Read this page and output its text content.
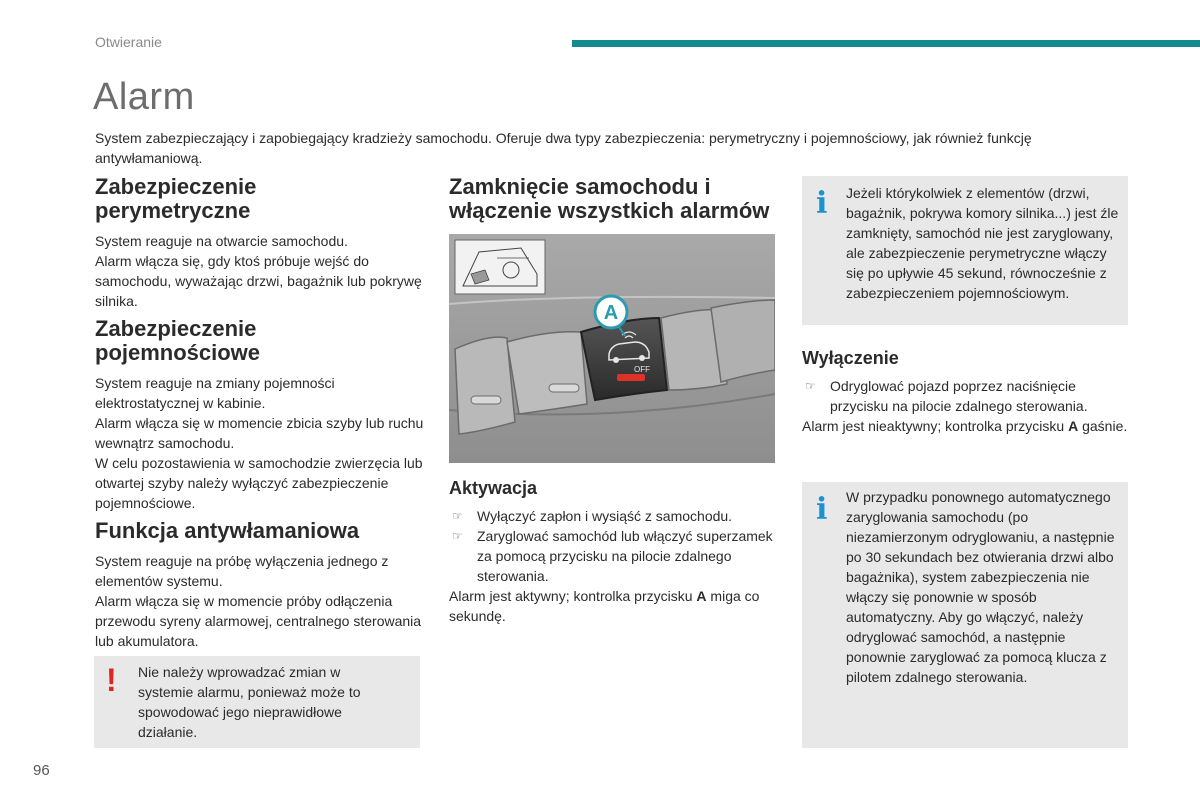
Otwieranie
Alarm
System zabezpieczający i zapobiegający kradzieży samochodu. Oferuje dwa typy zabezpieczenia: perymetryczny i pojemnościowy, jak również funkcję antywłamaniową.
Zabezpieczenie
perymetryczne

System reaguje na otwarcie samochodu.

Alarm włącza się, gdy ktoś próbuje wejść do samochodu, wyważając drzwi, bagażnik lub pokrywę silnika.

Zabezpieczenie
pojemnościowe

System reaguje na zmiany pojemności elektrostatycznej w kabinie.

Alarm włącza się w momencie zbicia szyby lub ruchu wewnątrz samochodu.

W celu pozostawienia w samochodzie zwierzęcia lub otwartej szyby należy wyłączyć zabezpieczenie pojemnościowe.

Funkcja antywłamaniowa

System reaguje na próbę wyłączenia jednego z elementów systemu.

Alarm włącza się w momencie próby odłączenia przewodu syreny alarmowej, centralnego sterowania lub akumulatora.

! Nie należy wprowadzać zmian w systemie alarmu, ponieważ może to spowodować jego nieprawidłowe działanie.
Zamknięcie samochodu i
włączenie wszystkich alarmów
OFF
A
Aktywacja
☞ Wyłączyć zapłon i wysiąść z samochodu.
☞ Zaryglować samochód lub włączyć superzamek za pomocą przycisku na pilocie zdalnego sterowania.

Alarm jest aktywny; kontrolka przycisku A miga co sekundę.

i Jeżeli którykolwiek z elementów (drzwi, bagażnik, pokrywa komory silnika...) jest źle zamknięty, samochód nie jest zaryglowany, ale zabezpieczenie perymetryczne włączy się po upływie 45 sekund, równocześnie z zabezpieczeniem pojemnościowym.
Wyłączenie
☞ Odryglować pojazd poprzez naciśnięcie przycisku na pilocie zdalnego sterowania.

Alarm jest nieaktywny; kontrolka przycisku A gaśnie.

i W przypadku ponownego automatycznego zaryglowania samochodu (po niezamierzonym odryglowaniu, a następnie po 30 sekundach bez otwierania drzwi albo bagażnika), system zabezpieczenia nie włączy się ponownie w sposób automatyczny. Aby go włączyć, należy odryglować samochód, a następnie ponownie zaryglować za pomocą klucza z pilotem zdalnego sterowania.
96
